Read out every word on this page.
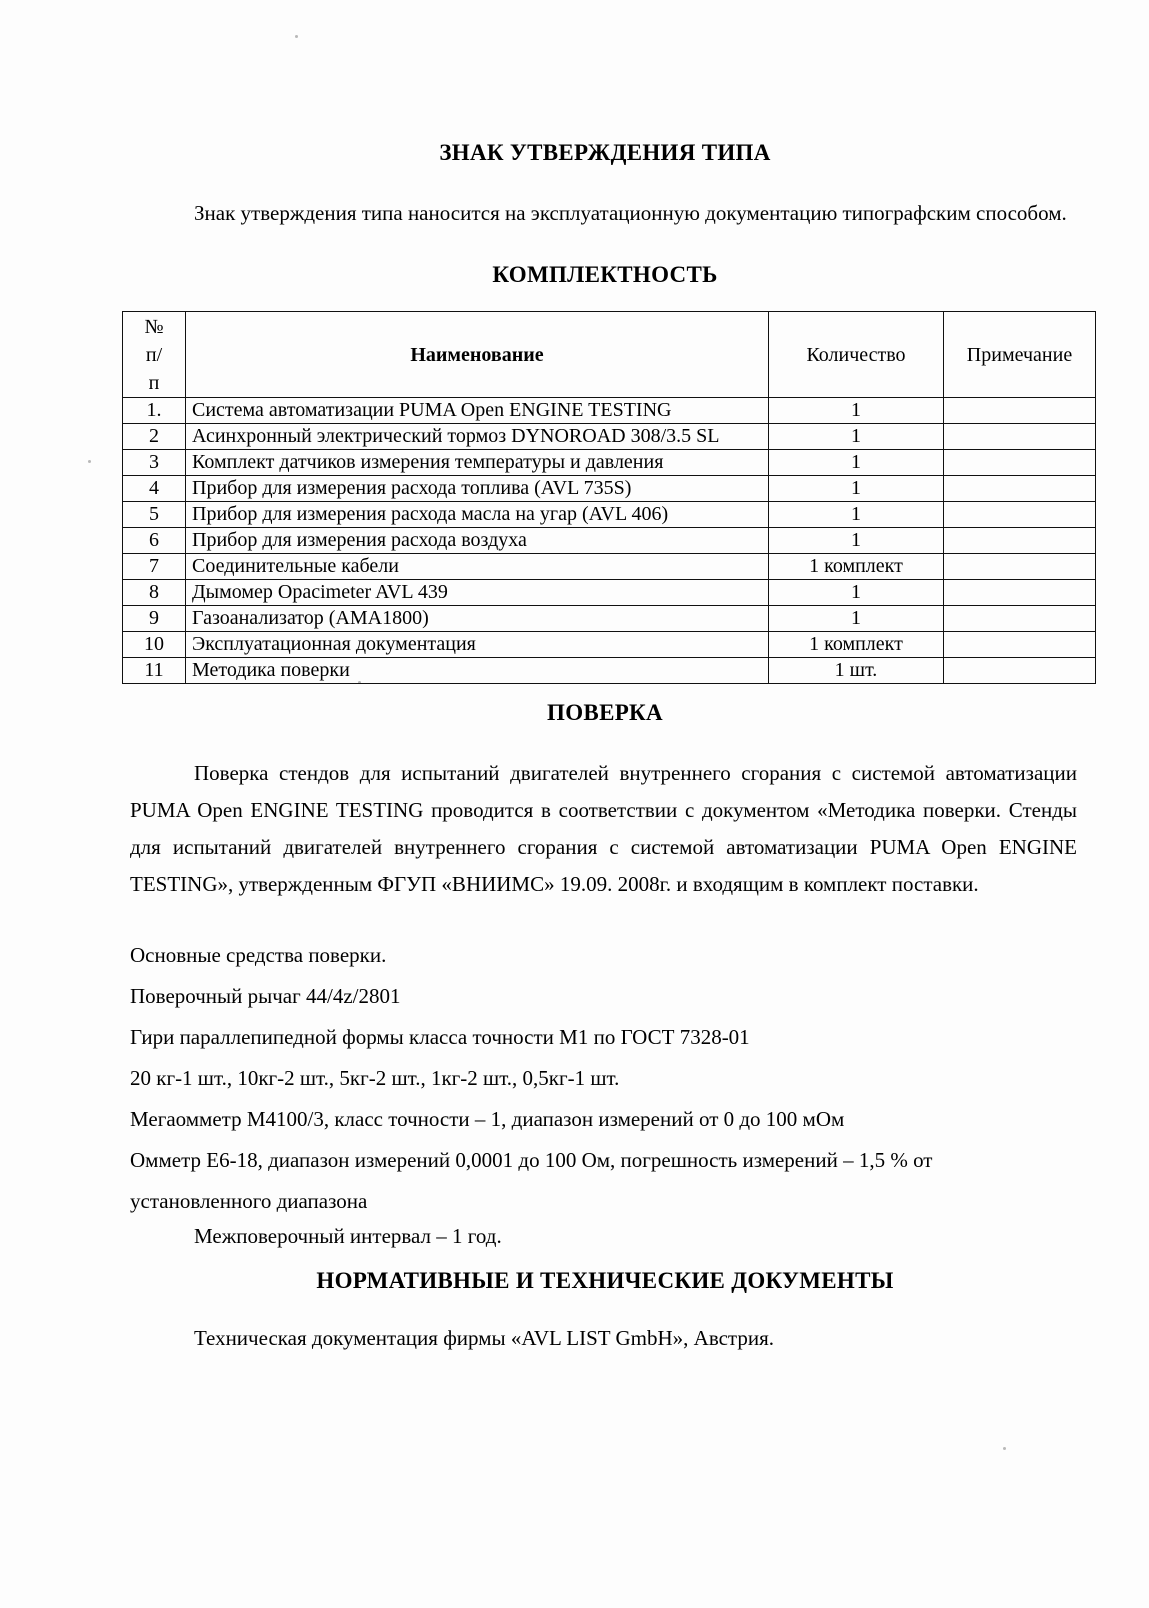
ЗНАК УТВЕРЖДЕНИЯ ТИПА

Знак утверждения типа наносится на эксплуатационную документацию типографским способом.

КОМПЛЕКТНОСТЬ
№
п/
п	Наименование	Количество	Примечание
1.	Система автоматизации PUMA Open ENGINE TESTING	1	
2	Асинхронный электрический тормоз DYNOROAD 308/3.5 SL	1	
3	Комплект датчиков измерения температуры и давления	1	
4	Прибор для измерения расхода топлива (AVL 735S)	1	
5	Прибор для измерения расхода масла на угар (AVL 406)	1	
6	Прибор для измерения расхода воздуха	1	
7	Соединительные кабели	1 комплект	
8	Дымомер Opacimeter AVL 439	1	
9	Газоанализатор (AMA1800)	1	
10	Эксплуатационная документация	1 комплект	
11	Методика поверки	1 шт.	
ПОВЕРКА

Поверка стендов для испытаний двигателей внутреннего сгорания с системой автоматизации PUMA Open ENGINE TESTING проводится в соответствии с документом «Методика поверки. Стенды для испытаний двигателей внутреннего сгорания с системой автоматизации PUMA Open ENGINE TESTING», утвержденным ФГУП «ВНИИМС» 19.09. 2008г. и входящим в комплект поставки.

Основные средства поверки.

Поверочный рычаг 44/4z/2801

Гири параллепипедной формы класса точности М1 по ГОСТ 7328-01

20 кг-1 шт., 10кг-2 шт., 5кг-2 шт., 1кг-2 шт., 0,5кг-1 шт.

Мегаомметр М4100/3, класс точности – 1, диапазон измерений от 0 до 100 мОм

Омметр Е6-18, диапазон измерений 0,0001 до 100 Ом, погрешность измерений – 1,5 % от установленного диапазона

Межповерочный интервал – 1 год.

НОРМАТИВНЫЕ И ТЕХНИЧЕСКИЕ ДОКУМЕНТЫ

Техническая документация фирмы «AVL LIST GmbH», Австрия.
